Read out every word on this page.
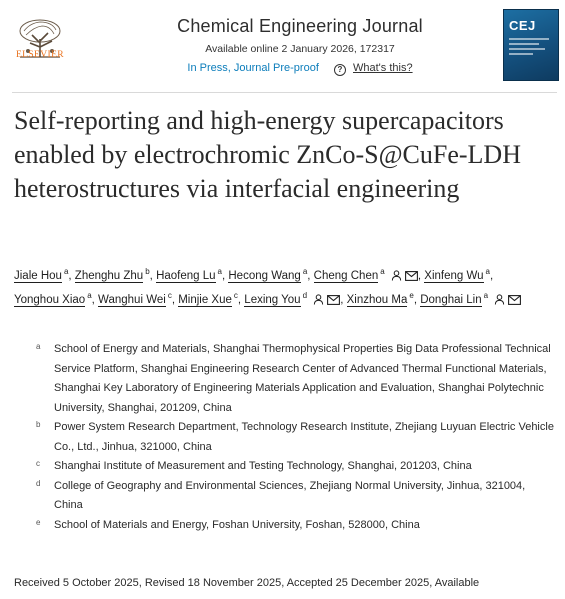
ELSEVIER
Chemical Engineering Journal
Available online 2 January 2026, 172317
In Press, Journal Pre-proof ? What's this?
CEJ
Self-reporting and high-energy supercapacitors enabled by electrochromic ZnCo-S@CuFe-LDH heterostructures via interfacial engineering
Jiale Hou $^a$, Zhenghu Zhu $^b$, Haofeng Lu $^a$, Hecong Wang $^a$, Cheng Chen $^a$	, Xinfeng Wu $^a$, Yonghou Xiao $^a$, Wanghui Wei $^c$, Minjie Xue $^c$, Lexing You $^d$	, Xinzhou Ma $^e$, Donghai Lin $^a$
a	School of Energy and Materials, Shanghai Thermophysical Properties Big Data Professional Technical Service Platform, Shanghai Engineering Research Center of Advanced Thermal Functional Materials, Shanghai Key Laboratory of Engineering Materials Application and Evaluation, Shanghai Polytechnic University, Shanghai, 201209, China
b	Power System Research Department, Technology Research Institute, Zhejiang Luyuan Electric Vehicle Co., Ltd., Jinhua, 321000, China
c	Shanghai Institute of Measurement and Testing Technology, Shanghai, 201203, China
d	College of Geography and Environmental Sciences, Zhejiang Normal University, Jinhua, 321004, China
e	School of Materials and Energy, Foshan University, Foshan, 528000, China
Received 5 October 2025, Revised 18 November 2025, Accepted 25 December 2025, Available
